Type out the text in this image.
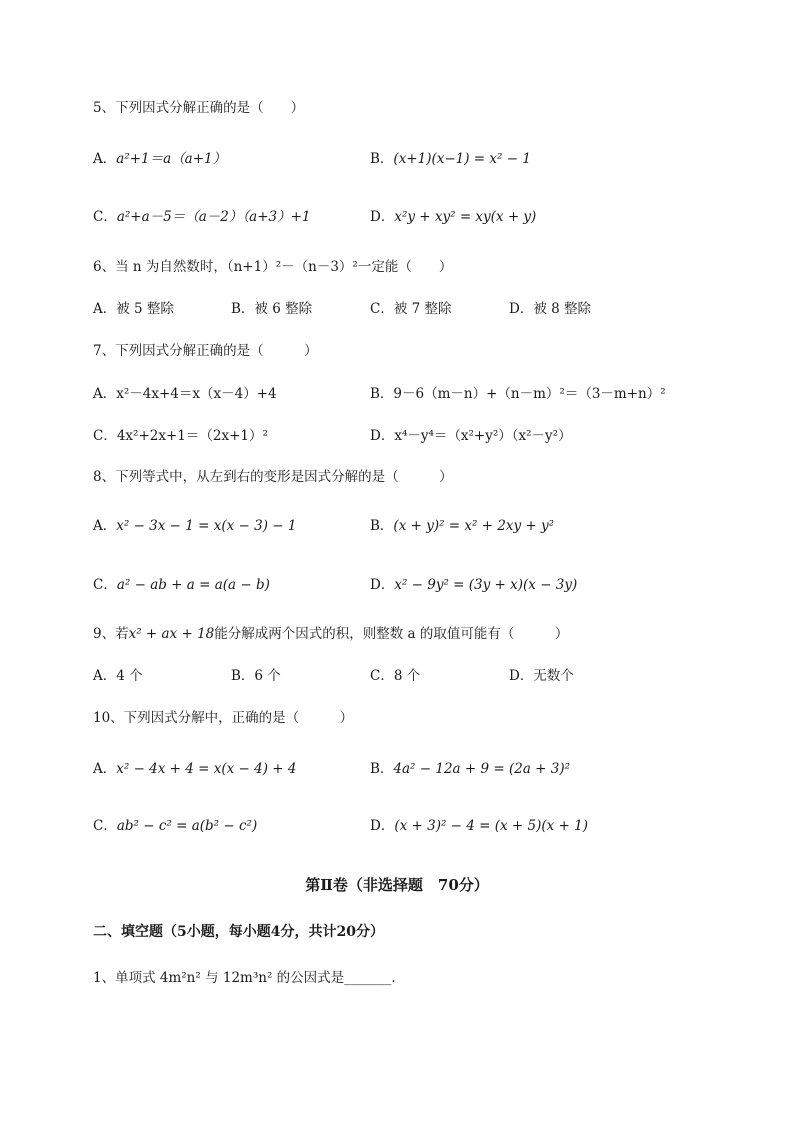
5、下列因式分解正确的是（　　）
A．a²+1＝a（a+1）	B．(x+1)(x−1) = x² − 1
C．a²+a－5＝（a－2）（a+3）+1	D．x²y + xy² = xy(x + y)
6、当 n 为自然数时，（n+1）²－（n－3）²一定能（　　）
A．被 5 整除	B．被 6 整除	C．被 7 整除	D．被 8 整除
7、下列因式分解正确的是（　　　）
A．x²－4x+4＝x（x－4）+4	B．9－6（m－n）+（n－m）²＝（3－m+n）²
C．4x²+2x+1＝（2x+1）²	D．x⁴－y⁴＝（x²+y²）（x²－y²）
8、下列等式中，从左到右的变形是因式分解的是（　　　）
A．x² − 3x − 1 = x(x − 3) − 1	B．(x + y)² = x² + 2xy + y²
C．a² − ab + a = a(a − b)	D．x² − 9y² = (3y + x)(x − 3y)
9、若x² + ax + 18能分解成两个因式的积，则整数 a 的取值可能有（　　　）
A．4 个	B．6 个	C．8 个	D．无数个
10、下列因式分解中，正确的是（　　　）
A．x² − 4x + 4 = x(x − 4) + 4	B．4a² − 12a + 9 = (2a + 3)²
C．ab² − c² = a(b² − c²)	D．(x + 3)² − 4 = (x + 5)(x + 1)
第Ⅱ卷（非选择题　70分）
二、填空题（5小题，每小题4分，共计20分）
1、单项式 4m²n² 与 12m³n² 的公因式是_______.
